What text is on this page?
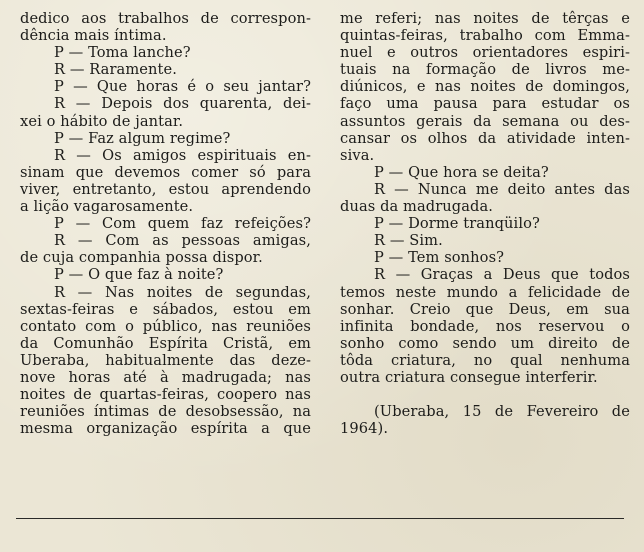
dedico aos trabalhos de correspon-
dência mais íntima.
P — Toma lanche?
R — Raramente.
P — Que horas é o seu jantar?
R — Depois dos quarenta, dei-
xei o hábito de jantar.
P — Faz algum regime?
R — Os amigos espirituais en-
sinam que devemos comer só para
viver, entretanto, estou aprendendo
a lição vagarosamente.
P — Com quem faz refeições?
R — Com as pessoas amigas,
de cuja companhia possa dispor.
P — O que faz à noite?
R — Nas noites de segundas,
sextas-feiras e sábados, estou em
contato com o público, nas reuniões
da Comunhão Espírita Cristã, em
Uberaba, habitualmente das deze-
nove horas até à madrugada; nas
noites de quartas-feiras, coopero nas
reuniões íntimas de desobsessão, na
mesma organização espírita a que
me referi; nas noites de têrças e
quintas-feiras, trabalho com Emma-
nuel e outros orientadores espiri-
tuais na formação de livros me-
diúnicos, e nas noites de domingos,
faço uma pausa para estudar os
assuntos gerais da semana ou des-
cansar os olhos da atividade inten-
siva.
P — Que hora se deita?
R — Nunca me deito antes das
duas da madrugada.
P — Dorme tranqüilo?
R — Sim.
P — Tem sonhos?
R — Graças a Deus que todos
temos neste mundo a felicidade de
sonhar. Creio que Deus, em sua
infinita bondade, nos reservou o
sonho como sendo um direito de
tôda criatura, no qual nenhuma
outra criatura consegue interferir.
(Uberaba, 15 de Fevereiro de
1964).
